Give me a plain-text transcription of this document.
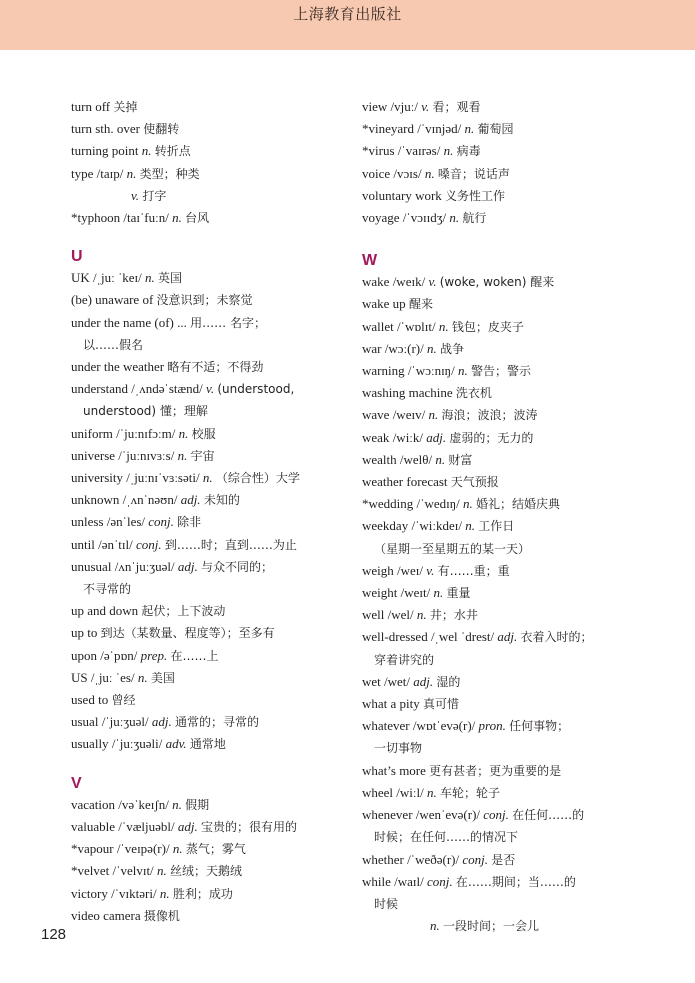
上海教育出版社
turn off 关掉
turn sth. over 使翻转
turning point n. 转折点
type /taɪp/ n. 类型；种类
v. 打字
*typhoon /taɪˈfuːn/ n. 台风
U
UK /ˌjuː ˈkeɪ/ n. 英国
(be) unaware of 没意识到；未察觉
under the name (of) ... 用…… 名字；
以……假名
under the weather 略有不适；不得劲
understand /ˌʌndəˈstænd/ v. (understood,
understood) 懂；理解
uniform /ˈjuːnɪfɔːm/ n. 校服
universe /ˈjuːnɪvɜːs/ n. 宇宙
university /ˌjuːnɪˈvɜːsəti/ n. （综合性）大学
unknown /ˌʌnˈnəʊn/ adj. 未知的
unless /ənˈles/ conj. 除非
until /ənˈtɪl/ conj. 到……时；直到……为止
unusual /ʌnˈjuːʒuəl/ adj. 与众不同的；
不寻常的
up and down 起伏；上下波动
up to 到达（某数量、程度等）；至多有
upon /əˈpɒn/ prep. 在……上
US /ˌjuː ˈes/ n. 美国
used to 曾经
usual /ˈjuːʒuəl/ adj. 通常的；寻常的
usually /ˈjuːʒuəli/ adv. 通常地
V
vacation /vəˈkeɪʃn/ n. 假期
valuable /ˈvæljuəbl/ adj. 宝贵的；很有用的
*vapour /ˈveɪpə(r)/ n. 蒸气；雾气
*velvet /ˈvelvɪt/ n. 丝绒；天鹅绒
victory /ˈvɪktəri/ n. 胜利；成功
video camera 摄像机
view /vjuː/ v. 看；观看
*vineyard /ˈvɪnjəd/ n. 葡萄园
*virus /ˈvaɪrəs/ n. 病毒
voice /vɔɪs/ n. 嗓音；说话声
voluntary work 义务性工作
voyage /ˈvɔɪɪdʒ/ n. 航行
W
wake /weɪk/ v. (woke, woken) 醒来
wake up 醒来
wallet /ˈwɒlɪt/ n. 钱包；皮夹子
war /wɔː(r)/ n. 战争
warning /ˈwɔːnɪŋ/ n. 警告；警示
washing machine 洗衣机
wave /weɪv/ n. 海浪；波浪；波涛
weak /wiːk/ adj. 虚弱的；无力的
wealth /welθ/ n. 财富
weather forecast 天气预报
*wedding /ˈwedɪŋ/ n. 婚礼；结婚庆典
weekday /ˈwiːkdeɪ/ n. 工作日
（星期一至星期五的某一天）
weigh /weɪ/ v. 有……重；重
weight /weɪt/ n. 重量
well /wel/ n. 井；水井
well-dressed /ˌwel ˈdrest/ adj. 衣着入时的；
穿着讲究的
wet /wet/ adj. 湿的
what a pity 真可惜
whatever /wɒtˈevə(r)/ pron. 任何事物；
一切事物
what’s more 更有甚者；更为重要的是
wheel /wiːl/ n. 车轮；轮子
whenever /wenˈevə(r)/ conj. 在任何……的
时候；在任何……的情况下
whether /ˈweðə(r)/ conj. 是否
while /waɪl/ conj. 在……期间；当……的
时候
n. 一段时间；一会儿
128
